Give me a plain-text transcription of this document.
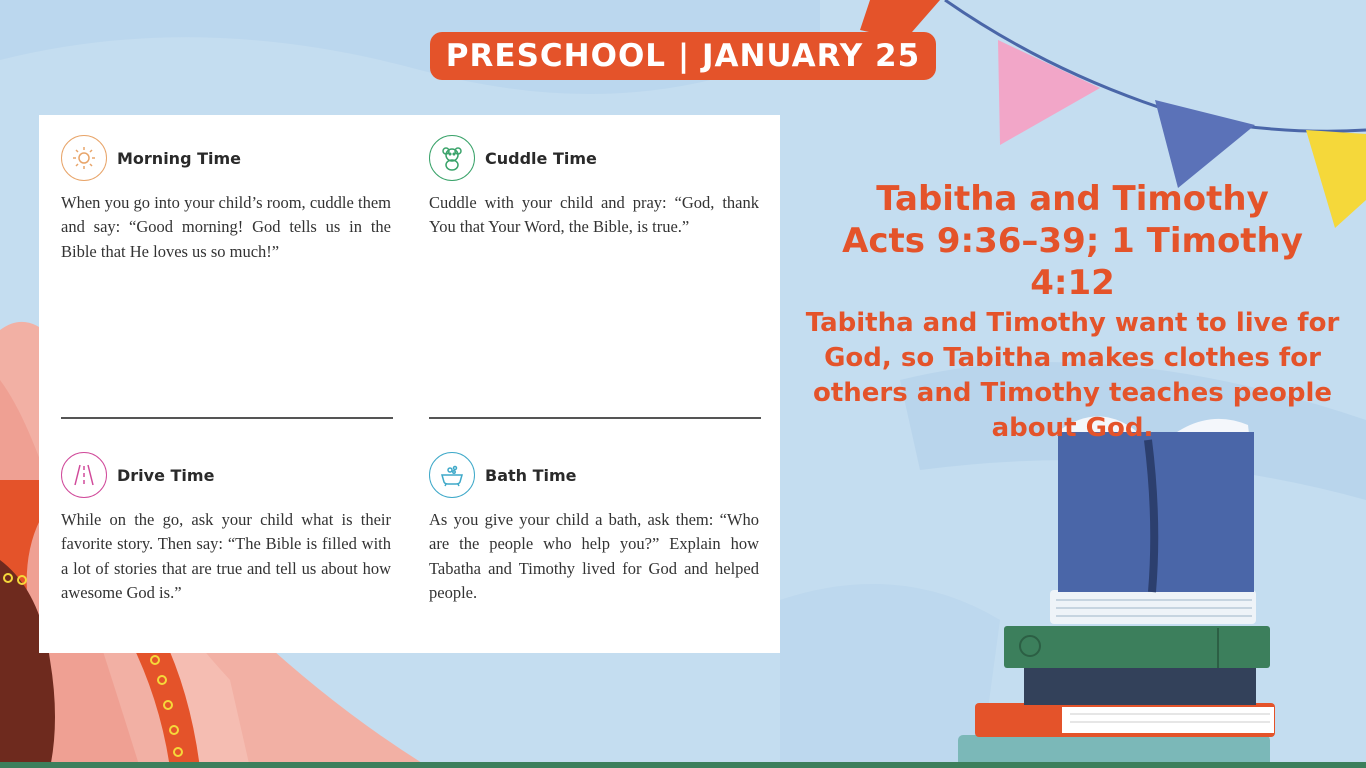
PRESCHOOL | JANUARY 25
Morning Time
When you go into your child’s room, cuddle them and say: “Good morning! God tells us in the Bible that He loves us so much!”
Cuddle Time
Cuddle with your child and pray: “God, thank You that Your Word, the Bible, is true.”
Drive Time
While on the go, ask your child what is their favorite story. Then say: “The Bible is filled with a lot of stories that are true and tell us about how awesome God is.”
Bath Time
As you give your child a bath, ask them: “Who are the people who help you?” Explain how Tabatha and Timothy lived for God and helped people.
Tabitha and Timothy
Acts 9:36–39; 1 Timothy 4:12
Tabitha and Timothy want to live for God, so Tabitha makes clothes for others and Timothy teaches people about God.
